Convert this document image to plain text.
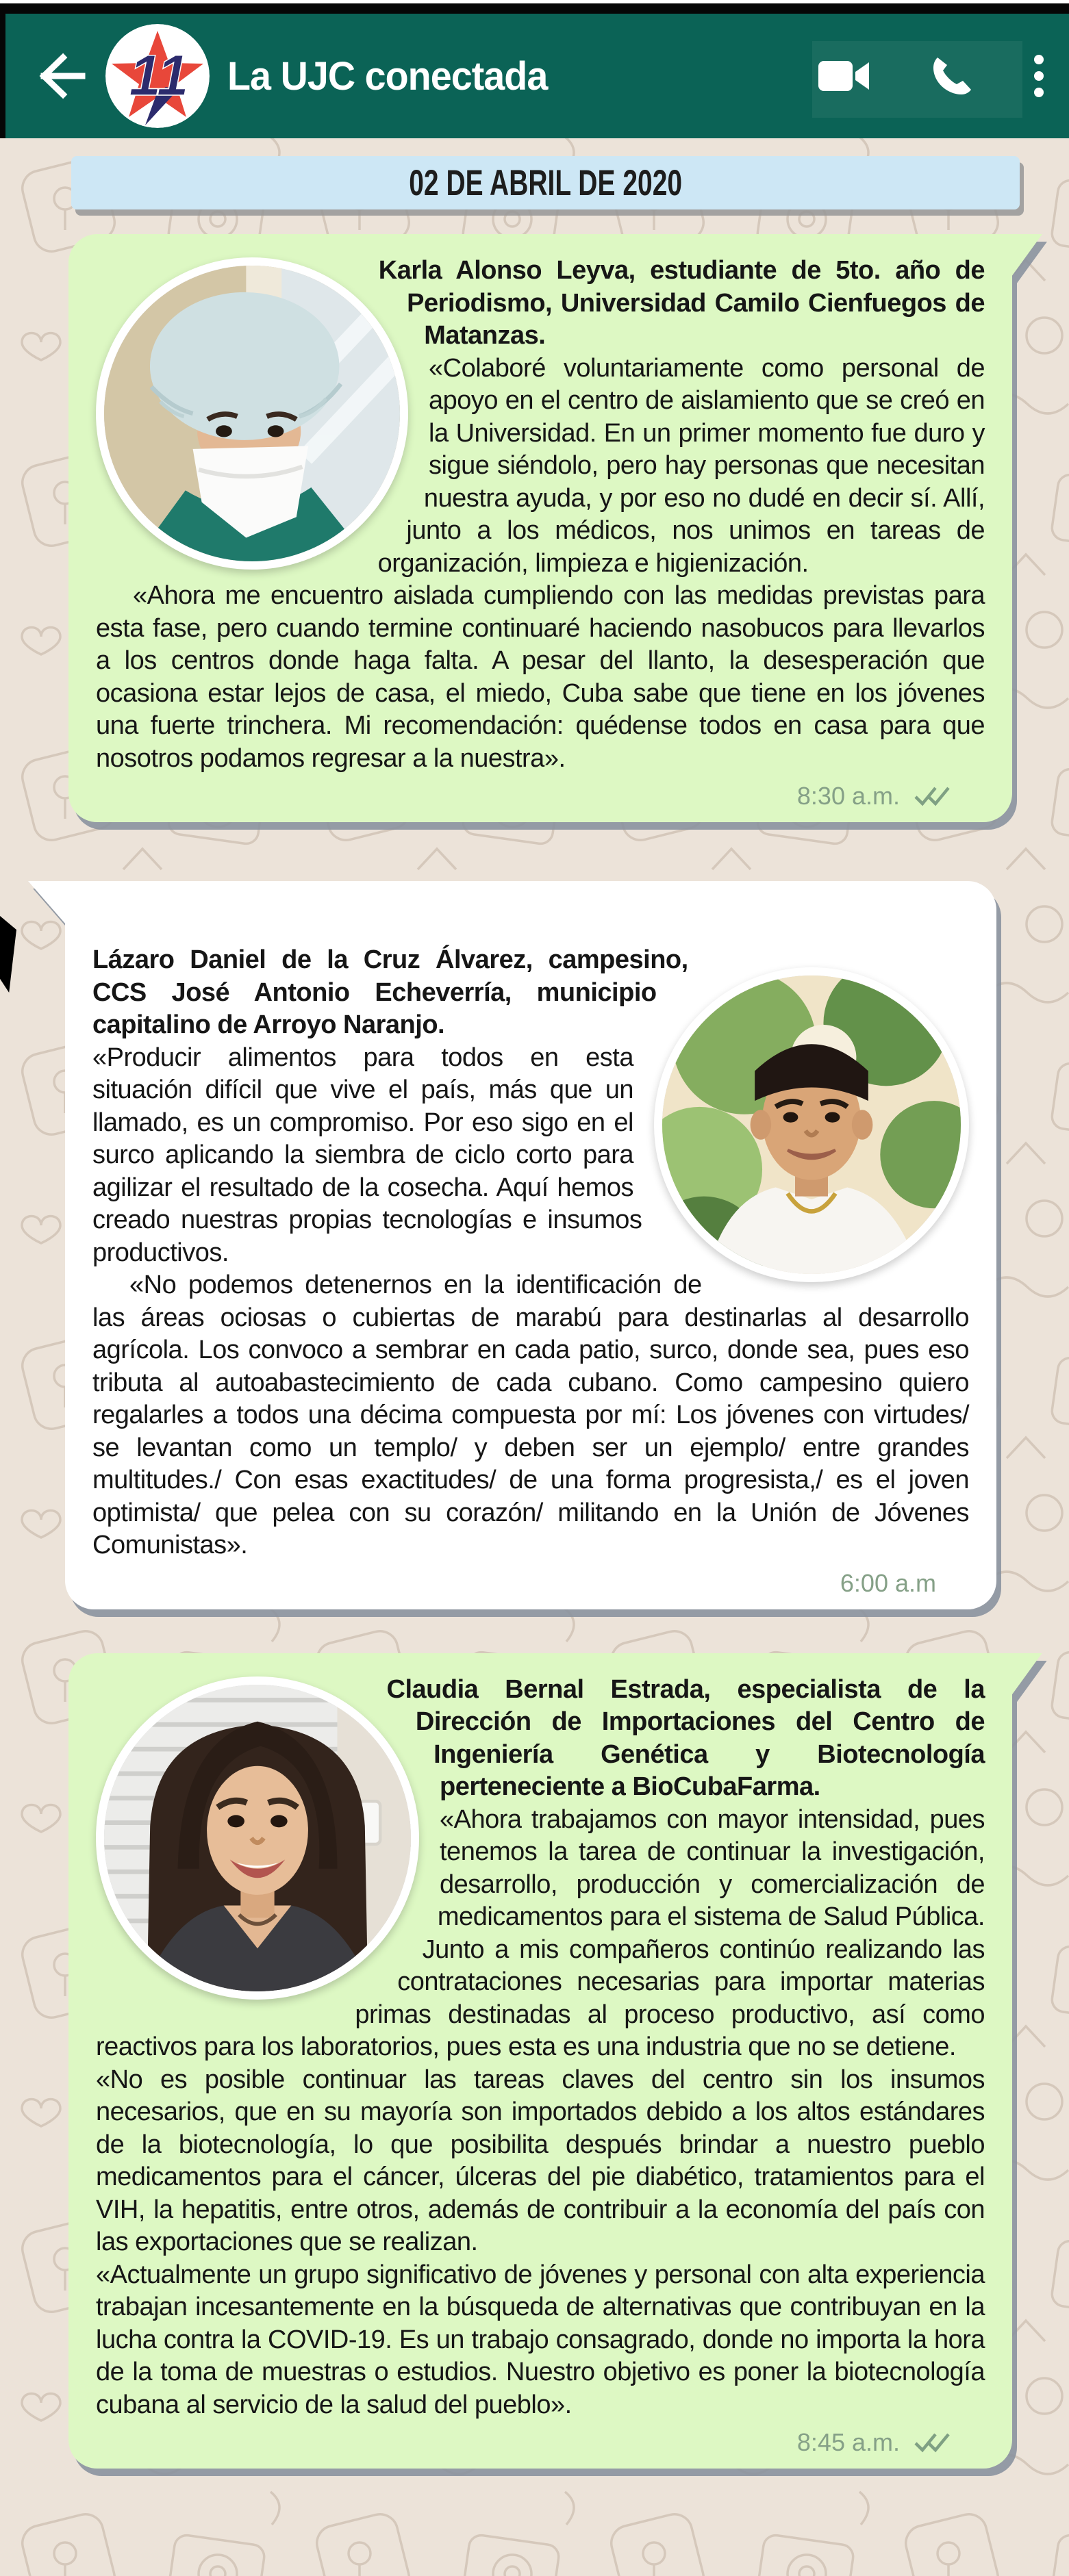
11 La UJC conectada
02 DE ABRIL DE 2020

Karla Alonso Leyva, estudiante de 5to. año de Periodismo, Universidad Camilo Cienfuegos de Matanzas.

«Colaboré voluntariamente como personal de apoyo en el centro de aislamiento que se creó en la Universidad. En un primer momento fue duro y sigue siéndolo, pero hay personas que necesitan nuestra ayuda, y por eso no dudé en decir sí. Allí, junto a los médicos, nos unimos en tareas de organización, limpieza e higienización.

«Ahora me encuentro aislada cumpliendo con las medidas previstas para esta fase, pero cuando termine continuaré haciendo nasobucos para llevarlos a los centros donde haga falta. A pesar del llanto, la desesperación que ocasiona estar lejos de casa, el miedo, Cuba sabe que tiene en los jóvenes una fuerte trinchera. Mi recomendación: quédense todos en casa para que nosotros podamos regresar a la nuestra».

8:30 a.m.

Lázaro Daniel de la Cruz Álvarez, campesino, CCS José Antonio Echeverría, municipio capitalino de Arroyo Naranjo.

«Producir alimentos para todos en esta situación difícil que vive el país, más que un llamado, es un compromiso. Por eso sigo en el surco aplicando la siembra de ciclo corto para agilizar el resultado de la cosecha. Aquí hemos creado nuestras propias tecnologías e insumos productivos.

«No podemos detenernos en la identificación de las áreas ociosas o cubiertas de marabú para destinarlas al desarrollo agrícola. Los convoco a sembrar en cada patio, surco, donde sea, pues eso tributa al autoabastecimiento de cada cubano. Como campesino quiero regalarles a todos una décima compuesta por mí: Los jóvenes con virtudes/ se levantan como un templo/ y deben ser un ejemplo/ entre grandes multitudes./ Con esas exactitudes/ de una forma progresista,/ es el joven optimista/ que pelea con su corazón/ militando en la Unión de Jóvenes Comunistas».

6:00 a.m

Claudia Bernal Estrada, especialista de la Dirección de Importaciones del Centro de Ingeniería Genética y Biotecnología perteneciente a BioCubaFarma.

«Ahora trabajamos con mayor intensidad, pues tenemos la tarea de continuar la investigación, desarrollo, producción y comercialización de medicamentos para el sistema de Salud Pública. Junto a mis compañeros continúo realizando las contrataciones necesarias para importar materias primas destinadas al proceso productivo, así como reactivos para los laboratorios, pues esta es una industria que no se detiene.

«No es posible continuar las tareas claves del centro sin los insumos necesarios, que en su mayoría son importados debido a los altos estándares de la biotecnología, lo que posibilita después brindar a nuestro pueblo medicamentos para el cáncer, úlceras del pie diabético, tratamientos para el VIH, la hepatitis, entre otros, además de contribuir a la economía del país con las exportaciones que se realizan.

«Actualmente un grupo significativo de jóvenes y personal con alta experiencia trabajan incesantemente en la búsqueda de alternativas que contribuyan en la lucha contra la COVID-19. Es un trabajo consagrado, donde no importa la hora de la toma de muestras o estudios. Nuestro objetivo es poner la biotecnología cubana al servicio de la salud del pueblo».

8:45 a.m.
